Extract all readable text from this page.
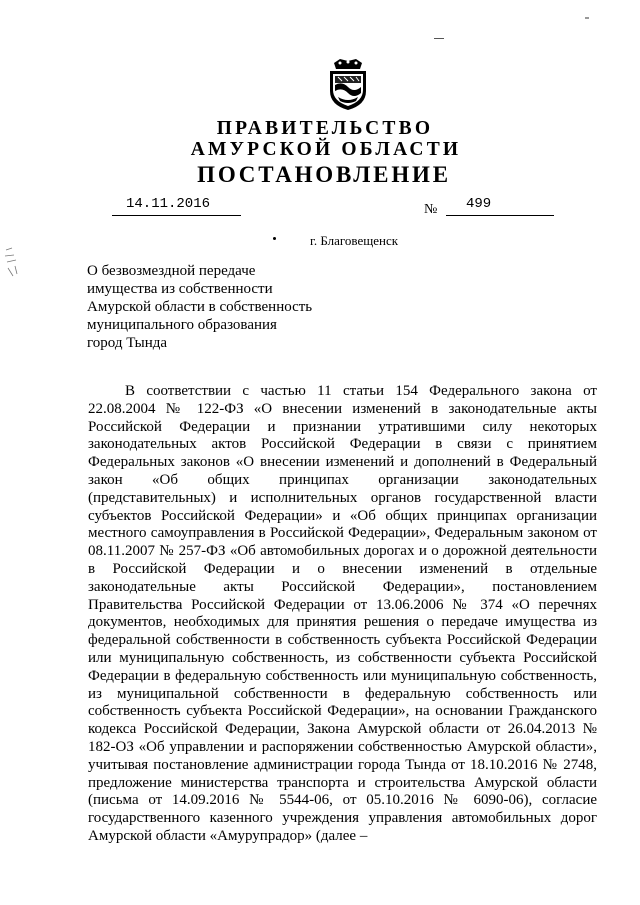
ПРАВИТЕЛЬСТВО
АМУРСКОЙ ОБЛАСТИ
ПОСТАНОВЛЕНИЕ
14.11.2016	№ 499
г. Благовещенск
О безвозмездной передаче
имущества из собственности
Амурской области в собственность
муниципального образования
город Тында

В соответствии с частью 11 статьи 154 Федерального закона от 22.08.2004 № 122-ФЗ «О внесении изменений в законодательные акты Российской Федерации и признании утратившими силу некоторых законодательных актов Российской Федерации в связи с принятием Федеральных законов «О внесении изменений и дополнений в Федеральный закон «Об общих принципах организации законодательных (представительных) и исполнительных органов государственной власти субъектов Российской Федерации» и «Об общих принципах организации местного самоуправления в Российской Федерации», Федеральным законом от 08.11.2007 № 257-ФЗ «Об автомобильных дорогах и о дорожной деятельности в Российской Федерации и о внесении изменений в отдельные законодательные акты Российской Федерации», постановлением Правительства Российской Федерации от 13.06.2006 № 374 «О перечнях документов, необходимых для принятия решения о передаче имущества из федеральной собственности в собственность субъекта Российской Федерации или муниципальную собственность, из собственности субъекта Российской Федерации в федеральную собственность или муниципальную собственность, из муниципальной собственности в федеральную собственность или собственность субъекта Российской Федерации», на основании Гражданского кодекса Российской Федерации, Закона Амурской области от 26.04.2013 № 182-ОЗ «Об управлении и распоряжении собственностью Амурской области», учитывая постановление администрации города Тында от 18.10.2016 № 2748, предложение министерства транспорта и строительства Амурской области (письма от 14.09.2016 № 5544-06, от 05.10.2016 № 6090-06), согласие государственного казенного учреждения управления автомобильных дорог Амурской области «Амурупрадор» (далее –
